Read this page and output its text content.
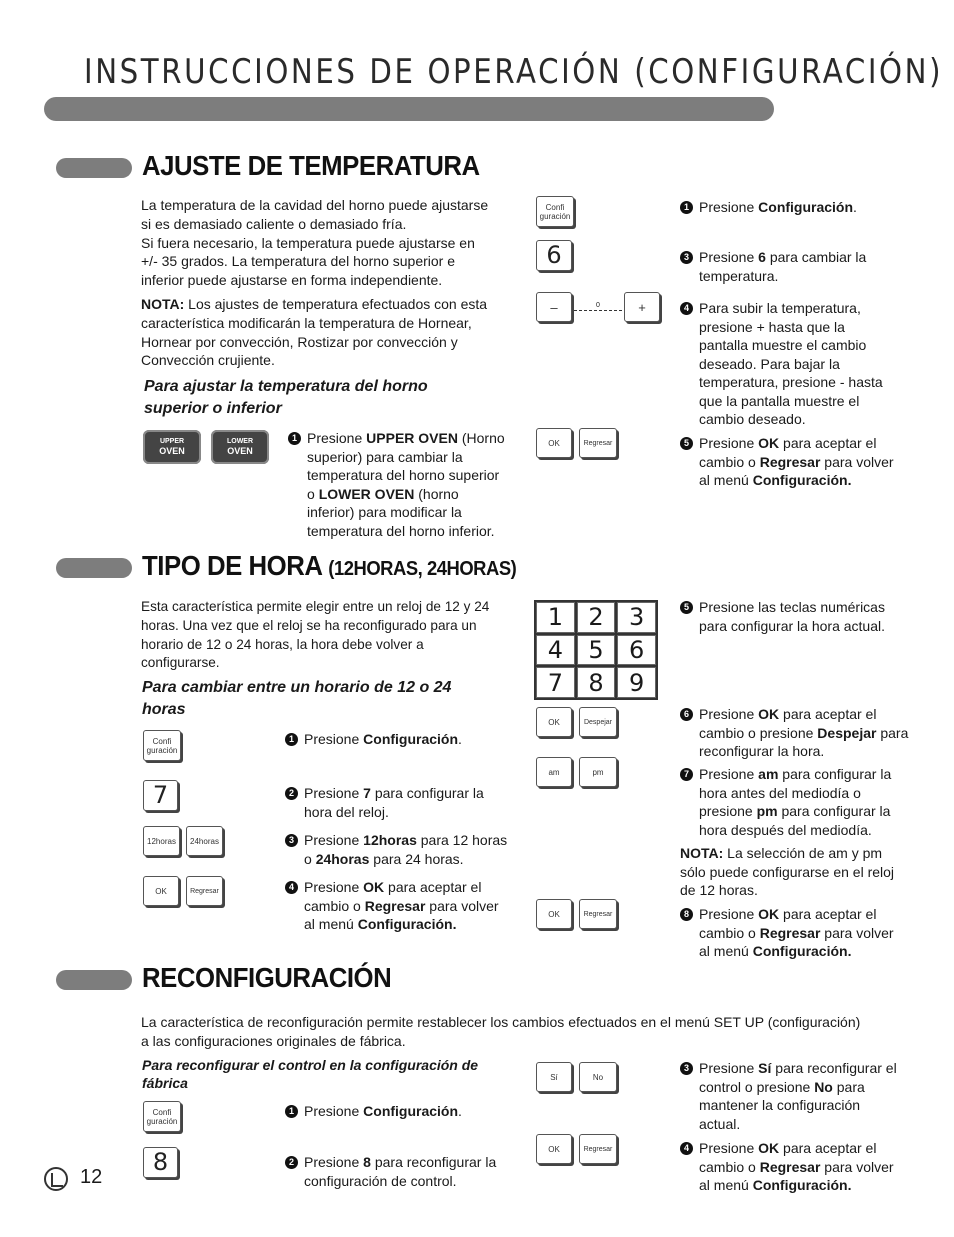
INSTRUCCIONES DE OPERACIÓN (CONFIGURACIÓN)
AJUSTE DE TEMPERATURA
La temperatura de la cavidad del horno puede ajustarse
si es demasiado caliente o demasiado fría.
Si fuera necesario, la temperatura puede ajustarse en
+/- 35 grados. La temperatura del horno superior e
inferior puede ajustarse en forma independiente.
NOTA: Los ajustes de temperatura efectuados con esta
característica modificarán la temperatura de Hornear,
Hornear por convección, Rostizar por convección y
Convección crujiente.
Para ajustar la temperatura del horno
superior o inferior
UPPER
OVEN
LOWER
OVEN
1 Presione UPPER OVEN (Horno
superior) para cambiar la
temperatura del horno superior
o LOWER OVEN (horno
inferior) para modificar la
temperatura del horno inferior.
Confi
guración
6
–	0	+
OK	Regresar
1 Presione Configuración.
3 Presione 6 para cambiar la
temperatura.
4 Para subir la temperatura,
presione + hasta que la
pantalla muestre el cambio
deseado. Para bajar la
temperatura, presione - hasta
que la pantalla muestre el
cambio deseado.
5 Presione OK para aceptar el
cambio o Regresar para volver
al menú Configuración.
TIPO DE HORA (12HORAS, 24HORAS)
Esta característica permite elegir entre un reloj de 12 y 24
horas. Una vez que el reloj se ha reconfigurado para un
horario de 12 o 24 horas, la hora debe volver a
configurarse.
Para cambiar entre un horario de 12 o 24
horas
Confi
guración
7
12horas	24horas
OK	Regresar
1 Presione Configuración.
2 Presione 7 para configurar la
hora del reloj.
3 Presione 12horas para 12 horas
o 24horas para 24 horas.
4 Presione OK para aceptar el
cambio o Regresar para volver
al menú Configuración.
1	2	3
4	5	6
7	8	9
OK	Despejar
am	pm
OK	Regresar
5 Presione las teclas numéricas
para configurar la hora actual.
6 Presione OK para aceptar el
cambio o presione Despejar para
reconfigurar la hora.
7 Presione am para configurar la
hora antes del mediodía o
presione pm para configurar la
hora después del mediodía.
NOTA: La selección de am y pm
sólo puede configurarse en el reloj
de 12 horas.
8 Presione OK para aceptar el
cambio o Regresar para volver
al menú Configuración.
RECONFIGURACIÓN
La característica de reconfiguración permite restablecer los cambios efectuados en el menú SET UP (configuración)
a las configuraciones originales de fábrica.
Para reconfigurar el control en la configuración de
fábrica
Confi
guración
8
1 Presione Configuración.
2 Presione 8 para reconfigurar la
configuración de control.
Sí	No
OK	Regresar
3 Presione Sí para reconfigurar el
control o presione No para
mantener la configuración
actual.
4 Presione OK para aceptar el
cambio o Regresar para volver
al menú Configuración.
12
